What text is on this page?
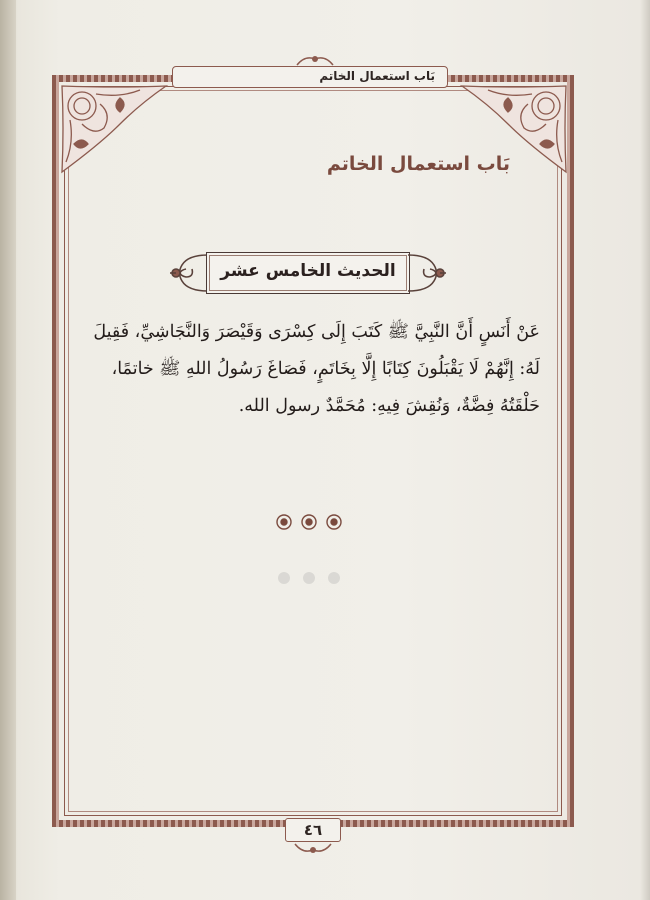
بَاب استعمال الخاتم
بَاب استعمال الخاتم
الحديث الخامس عشر
عَنْ أَنَسٍ أَنَّ النَّبِيَّ ﷺ كَتَبَ إِلَى كِسْرَى وَقَيْصَرَ وَالنَّجَاشِيِّ، فَقِيلَ
لَهُ: إِنَّهُمْ لَا يَقْبَلُونَ كِتَابًا إِلَّا بِخَاتَمٍ، فَصَاغَ رَسُولُ اللهِ ﷺ خاتمًا،
حَلْقَتُهُ فِضَّةٌ، وَنُقِشَ فِيهِ: مُحَمَّدٌ رسول الله.
٤٦
